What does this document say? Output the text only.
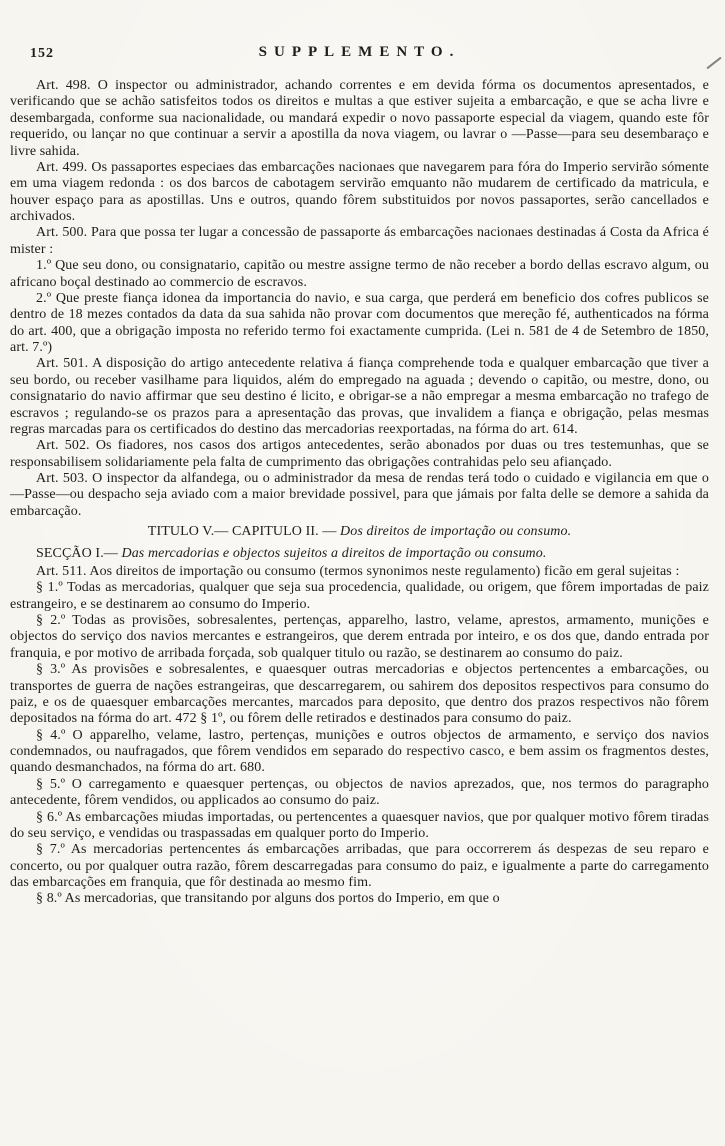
152	SUPPLEMENTO.

Art. 498. O inspector ou administrador, achando correntes e em devida fórma os documentos apresentados, e verificando que se achão satisfeitos todos os direitos e multas a que estiver sujeita a embarcação, e que se acha livre e desembargada, conforme sua nacionalidade, ou mandará expedir o novo passaporte especial da viagem, quando este fôr requerido, ou lançar no que continuar a servir a apostilla da nova viagem, ou lavrar o —Passe—para seu desembaraço e livre sahida.

Art. 499. Os passaportes especiaes das embarcações nacionaes que navegarem para fóra do Imperio servirão sómente em uma viagem redonda : os dos barcos de cabotagem servirão emquanto não mudarem de certificado da matricula, e houver espaço para as apostillas. Uns e outros, quando fôrem substituidos por novos passaportes, serão cancellados e archivados.

Art. 500. Para que possa ter lugar a concessão de passaporte ás embarcações nacionaes destinadas á Costa da Africa é mister :

1.º Que seu dono, ou consignatario, capitão ou mestre assigne termo de não receber a bordo dellas escravo algum, ou africano boçal destinado ao commercio de escravos.

2.º Que preste fiança idonea da importancia do navio, e sua carga, que perderá em beneficio dos cofres publicos se dentro de 18 mezes contados da data da sua sahida não provar com documentos que mereção fé, authenticados na fórma do art. 400, que a obrigação imposta no referido termo foi exactamente cumprida. (Lei n. 581 de 4 de Setembro de 1850, art. 7.º)

Art. 501. A disposição do artigo antecedente relativa á fiança comprehende toda e qualquer embarcação que tiver a seu bordo, ou receber vasilhame para liquidos, além do empregado na aguada ; devendo o capitão, ou mestre, dono, ou consignatario do navio affirmar que seu destino é licito, e obrigar-se a não empregar a mesma embarcação no trafego de escravos ; regulando-se os prazos para a apresentação das provas, que invalidem a fiança e obrigação, pelas mesmas regras marcadas para os certificados do destino das mercadorias reexportadas, na fórma do art. 614.

Art. 502. Os fiadores, nos casos dos artigos antecedentes, serão abonados por duas ou tres testemunhas, que se responsabilisem solidariamente pela falta de cumprimento das obrigações contrahidas pelo seu afiançado.

Art. 503. O inspector da alfandega, ou o administrador da mesa de rendas terá todo o cuidado e vigilancia em que o —Passe—ou despacho seja aviado com a maior brevidade possivel, para que jámais por falta delle se demore a sahida da embarcação.

TITULO V.— CAPITULO II. — Dos direitos de importação ou consumo.

SECÇÃO I.— Das mercadorias e objectos sujeitos a direitos de importação ou consumo.

Art. 511. Aos direitos de importação ou consumo (termos synonimos neste regulamento) ficão em geral sujeitas :

§ 1.º Todas as mercadorias, qualquer que seja sua procedencia, qualidade, ou origem, que fôrem importadas de paiz estrangeiro, e se destinarem ao consumo do Imperio.

§ 2.º Todas as provisões, sobresalentes, pertenças, apparelho, lastro, velame, aprestos, armamento, munições e objectos do serviço dos navios mercantes e estrangeiros, que derem entrada por inteiro, e os dos que, dando entrada por franquia, e por motivo de arribada forçada, sob qualquer titulo ou razão, se destinarem ao consumo do paiz.

§ 3.º As provisões e sobresalentes, e quaesquer outras mercadorias e objectos pertencentes a embarcações, ou transportes de guerra de nações estrangeiras, que descarregarem, ou sahirem dos depositos respectivos para consumo do paiz, e os de quaesquer embarcações mercantes, marcados para deposito, que dentro dos prazos respectivos não fôrem depositados na fórma do art. 472 § 1º, ou fôrem delle retirados e destinados para consumo do paiz.

§ 4.º O apparelho, velame, lastro, pertenças, munições e outros objectos de armamento, e serviço dos navios condemnados, ou naufragados, que fôrem vendidos em separado do respectivo casco, e bem assim os fragmentos destes, quando desmanchados, na fórma do art. 680.

§ 5.º O carregamento e quaesquer pertenças, ou objectos de navios aprezados, que, nos termos do paragrapho antecedente, fôrem vendidos, ou applicados ao consumo do paiz.

§ 6.º As embarcações miudas importadas, ou pertencentes a quaesquer navios, que por qualquer motivo fôrem tiradas do seu serviço, e vendidas ou traspassadas em qualquer porto do Imperio.

§ 7.º As mercadorias pertencentes ás embarcações arribadas, que para occorrerem ás despezas de seu reparo e concerto, ou por qualquer outra razão, fôrem descarregadas para consumo do paiz, e igualmente a parte do carregamento das embarcações em franquia, que fôr destinada ao mesmo fim.

§ 8.º As mercadorias, que transitando por alguns dos portos do Imperio, em que o
